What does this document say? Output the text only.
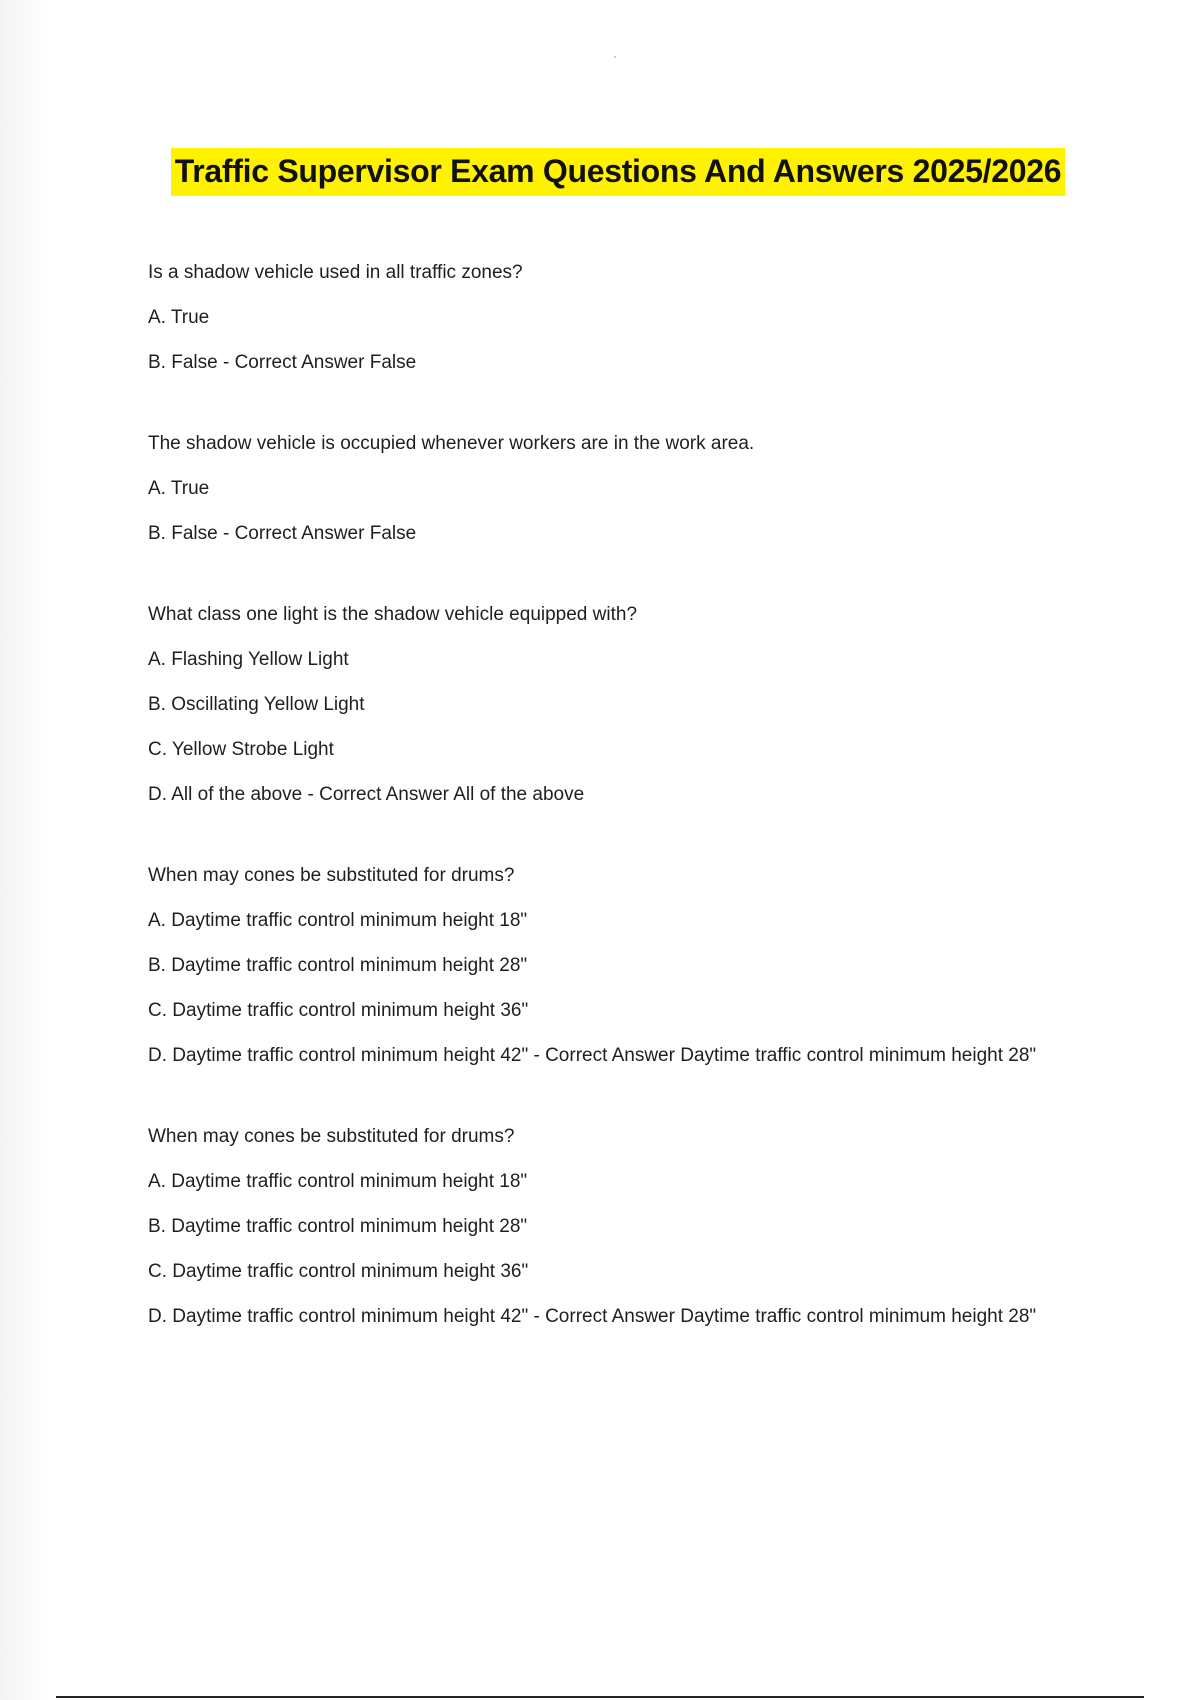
Traffic Supervisor Exam Questions And Answers 2025/2026
Is a shadow vehicle used in all traffic zones?
A. True
B. False - Correct Answer False
The shadow vehicle is occupied whenever workers are in the work area.
A. True
B. False - Correct Answer False
What class one light is the shadow vehicle equipped with?
A. Flashing Yellow Light
B. Oscillating Yellow Light
C. Yellow Strobe Light
D. All of the above - Correct Answer All of the above
When may cones be substituted for drums?
A. Daytime traffic control minimum height 18"
B. Daytime traffic control minimum height 28"
C. Daytime traffic control minimum height 36"
D. Daytime traffic control minimum height 42" - Correct Answer Daytime traffic control minimum height 28"
When may cones be substituted for drums?
A. Daytime traffic control minimum height 18"
B. Daytime traffic control minimum height 28"
C. Daytime traffic control minimum height 36"
D. Daytime traffic control minimum height 42" - Correct Answer Daytime traffic control minimum height 28"
